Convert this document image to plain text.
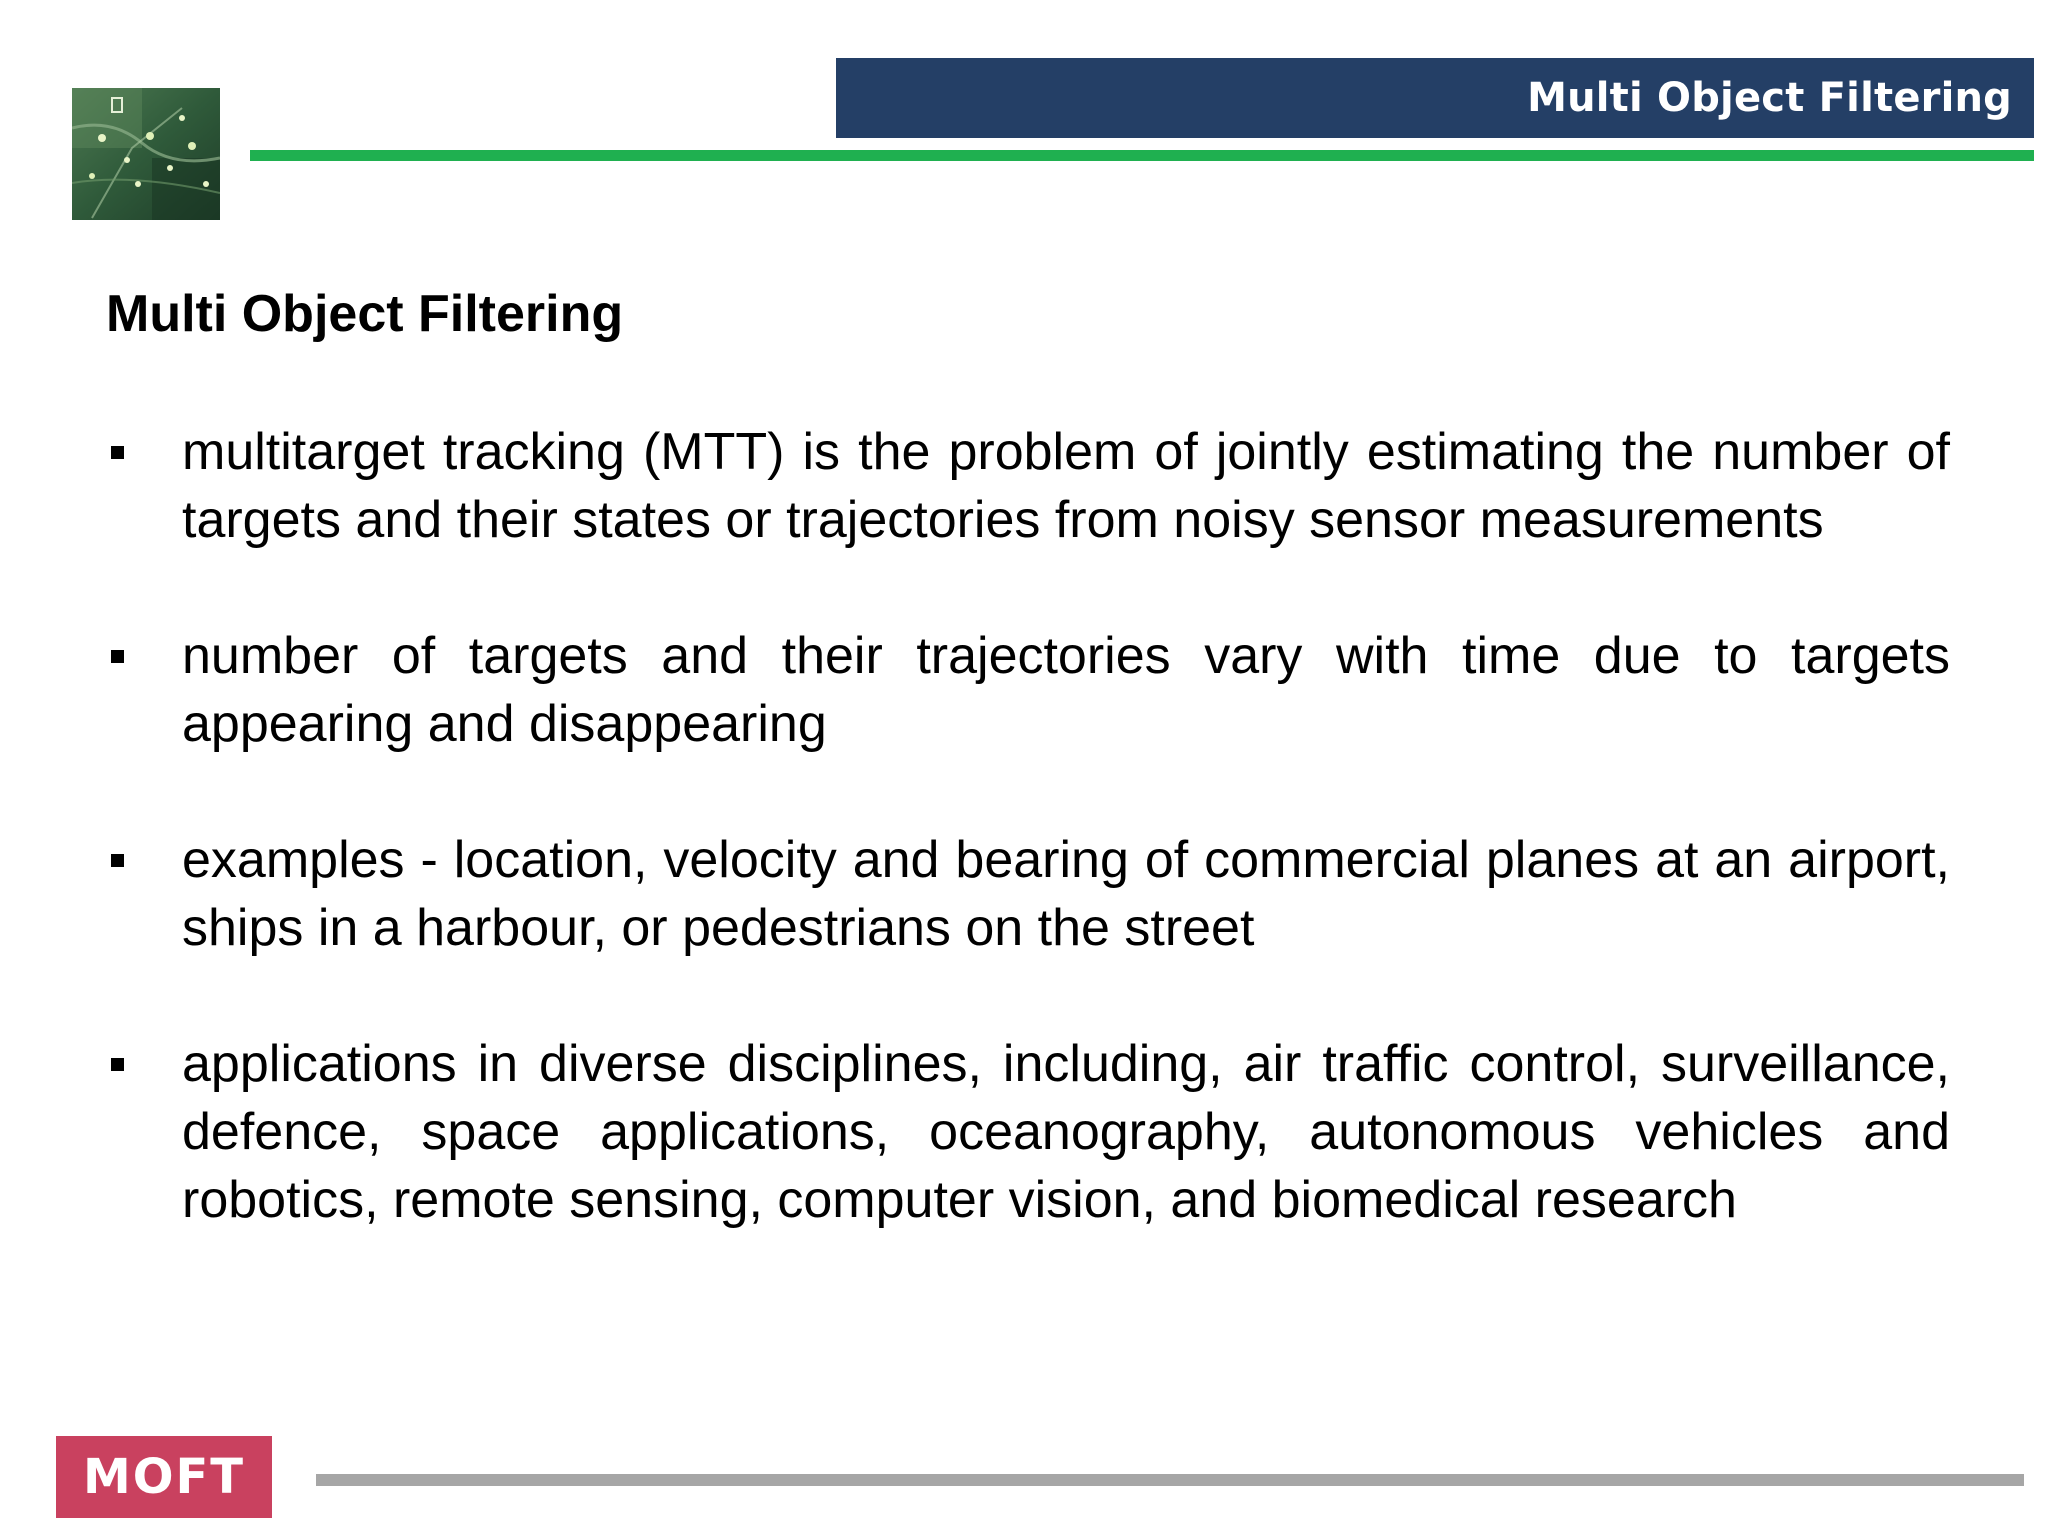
Multi Object Filtering
Multi Object Filtering
multitarget tracking (MTT) is the problem of jointly estimating the number of targets and their states or trajectories from noisy sensor measurements
number of targets and their trajectories vary with time due to targets appearing and disappearing
examples - location, velocity and bearing of commercial planes at an airport, ships in a harbour, or pedestrians on the street
applications in diverse disciplines, including, air traffic control, surveillance, defence, space applications, oceanography, autonomous vehicles and robotics, remote sensing, computer vision, and biomedical research
MOFT
